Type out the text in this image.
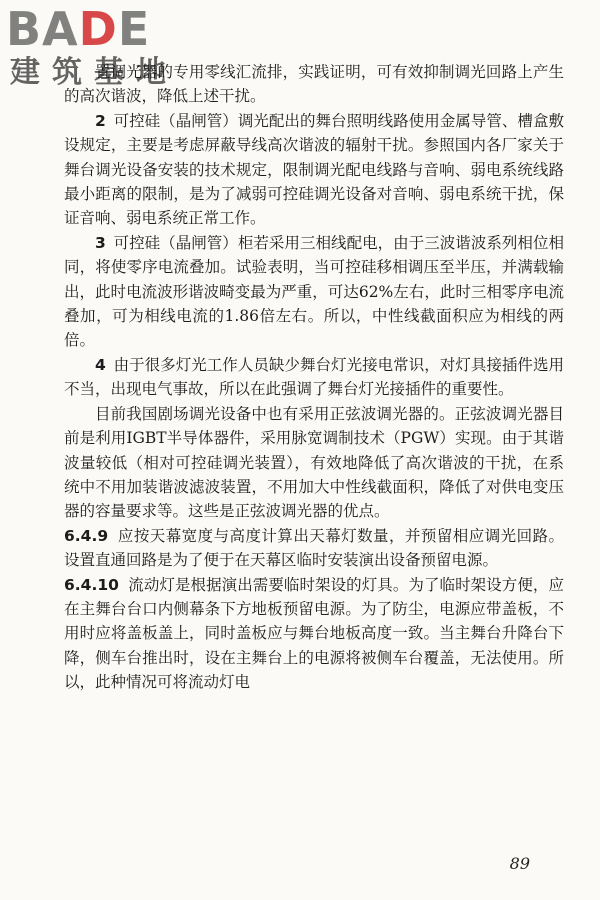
BADE
建筑基地

置调光器的专用零线汇流排，实践证明，可有效抑制调光回路上产生的高次谐波，降低上述干扰。

2  可控硅（晶闸管）调光配出的舞台照明线路使用金属导管、槽盒敷设规定，主要是考虑屏蔽导线高次谐波的辐射干扰。参照国内各厂家关于舞台调光设备安装的技术规定，限制调光配电线路与音响、弱电系统线路最小距离的限制，是为了减弱可控硅调光设备对音响、弱电系统干扰，保证音响、弱电系统正常工作。

3  可控硅（晶闸管）柜若采用三相线配电，由于三波谐波系列相位相同，将使零序电流叠加。试验表明，当可控硅移相调压至半压，并满载输出，此时电流波形谐波畸变最为严重，可达62%左右，此时三相零序电流叠加，可为相线电流的1.86倍左右。所以，中性线截面积应为相线的两倍。

4  由于很多灯光工作人员缺少舞台灯光接电常识，对灯具接插件选用不当，出现电气事故，所以在此强调了舞台灯光接插件的重要性。

目前我国剧场调光设备中也有采用正弦波调光器的。正弦波调光器目前是利用IGBT半导体器件，采用脉宽调制技术（PGW）实现。由于其谐波量较低（相对可控硅调光装置），有效地降低了高次谐波的干扰，在系统中不用加装谐波滤波装置，不用加大中性线截面积，降低了对供电变压器的容量要求等。这些是正弦波调光器的优点。

6.4.9 应按天幕宽度与高度计算出天幕灯数量，并预留相应调光回路。设置直通回路是为了便于在天幕区临时安装演出设备预留电源。

6.4.10 流动灯是根据演出需要临时架设的灯具。为了临时架设方便，应在主舞台台口内侧幕条下方地板预留电源。为了防尘，电源应带盖板，不用时应将盖板盖上，同时盖板应与舞台地板高度一致。当主舞台升降台下降，侧车台推出时，设在主舞台上的电源将被侧车台覆盖，无法使用。所以，此种情况可将流动灯电

89
